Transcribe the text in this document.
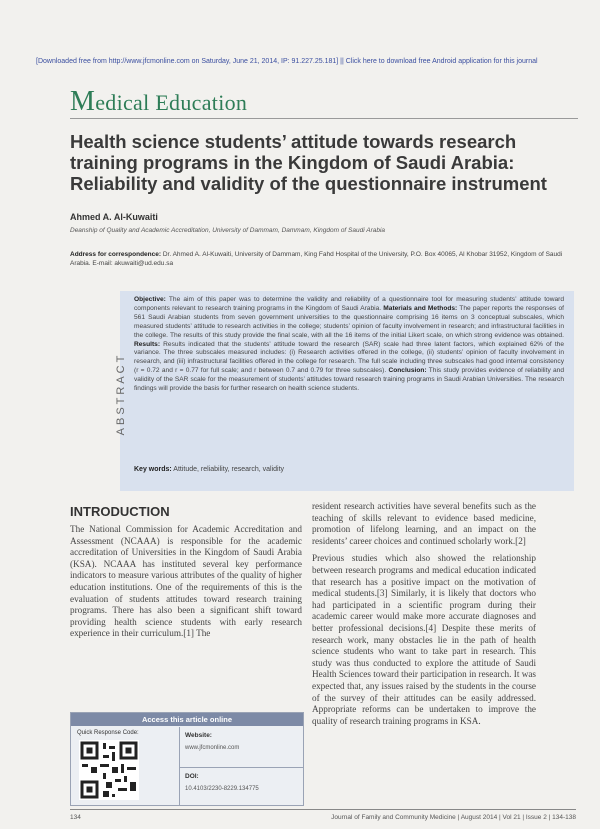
[Downloaded free from http://www.jfcmonline.com on Saturday, June 21, 2014, IP: 91.227.25.181] || Click here to download free Android application for this journal
Medical Education
Health science students’ attitude towards research training programs in the Kingdom of Saudi Arabia: Reliability and validity of the questionnaire instrument
Ahmed A. Al-Kuwaiti
Deanship of Quality and Academic Accreditation, University of Dammam, Dammam, Kingdom of Saudi Arabia
Address for correspondence: Dr. Ahmed A. Al-Kuwaiti, University of Dammam, King Fahd Hospital of the University, P.O. Box 40065, Al Khobar 31952, Kingdom of Saudi Arabia. E-mail: akuwaiti@ud.edu.sa
ABSTRACT
Objective: The aim of this paper was to determine the validity and reliability of a questionnaire tool for measuring students’ attitude toward components relevant to research training programs in the Kingdom of Saudi Arabia. Materials and Methods: The paper reports the responses of 561 Saudi Arabian students from seven government universities to the questionnaire comprising 16 items on 3 conceptual subscales, which measured students’ attitude to research activities in the college; students’ opinion of faculty involvement in research; and infrastructural facilities in the college. The results of this study provide the final scale, with all the 16 items of the initial Likert scale, on which strong evidence was obtained. Results: Results indicated that the students’ attitude toward the research (SAR) scale had three latent factors, which explained 62% of the variance. The three subscales measured includes: (i) Research activities offered in the college, (ii) students’ opinion of faculty involvement in research, and (iii) infrastructural facilities offered in the college for research. The full scale including three subscales had good internal consistency (r = 0.72 and r = 0.77 for full scale; and r between 0.7 and 0.79 for three subscales). Conclusion: This study provides evidence of reliability and validity of the SAR scale for the measurement of students’ attitudes toward research training programs in Saudi Arabian Universities. The research findings will provide the basis for further research on health science students.
Key words: Attitude, reliability, research, validity
INTRODUCTION

The National Commission for Academic Accreditation and Assessment (NCAAA) is responsible for the academic accreditation of Universities in the Kingdom of Saudi Arabia (KSA). NCAAA has instituted several key performance indicators to measure various attributes of the quality of higher education institutions. One of the requirements of this is the evaluation of students attitudes toward research training programs. There has also been a significant shift toward providing health science students with early research experience in their curriculum.[1] The

resident research activities have several benefits such as the teaching of skills relevant to evidence based medicine, promotion of lifelong learning, and an impact on the residents’ career choices and continued scholarly work.[2]

Previous studies which also showed the relationship between research programs and medical education indicated that research has a positive impact on the motivation of medical students.[3] Similarly, it is likely that doctors who had participated in a scientific program during their academic career would make more accurate diagnoses and better professional decisions.[4] Despite these merits of research work, many obstacles lie in the path of health science students who want to take part in research. This study was thus conducted to explore the attitude of Saudi Health Sciences toward their participation in research. It was expected that, any issues raised by the students in the course of the survey of their attitudes can be easily addressed. Appropriate reforms can be undertaken to improve the quality of research training programs in KSA.

Access this article online
Quick Response Code:	Website:
www.jfcmonline.com
DOI:
10.4103/2230-8229.134775
134	Journal of Family and Community Medicine | August 2014 | Vol 21 | Issue 2 | 134-138
